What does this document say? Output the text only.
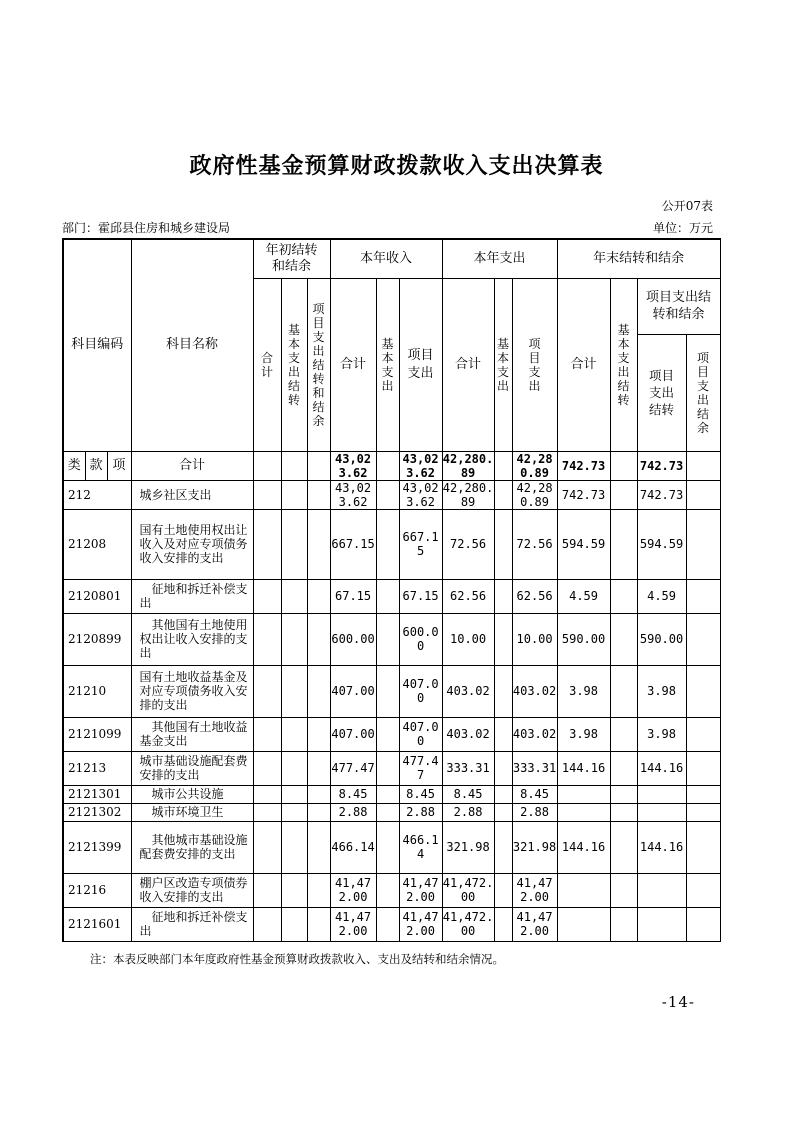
政府性基金预算财政拨款收入支出决算表
公开07表
部门：霍邱县住房和城乡建设局	单位：万元
科目编码			科目名称	年初结转和结余			本年收入			本年支出			年末结转和结余			

				合计	基本支出结转	项目支出结转和结余	合计	基本支出	项目支出	合计	基本支出	项目支出	合计	基本支出结转	项目支出结转和结余	

															项目支出结转	项目支出结余

类	款	项	合计				43,023.62		43,023.62	42,280.89		42,280.89	742.73		742.73	
212			城乡社区支出				43,023.62		43,023.62	42,280.89		42,280.89	742.73		742.73	
21208			国有土地使用权出让收入及对应专项债务收入安排的支出				667.15		667.15	72.56		72.56	594.59		594.59	
2120801			征地和拆迁补偿支出				67.15		67.15	62.56		62.56	4.59		4.59	
2120899			其他国有土地使用权出让收入安排的支出				600.00		600.00	10.00		10.00	590.00		590.00	
21210			国有土地收益基金及对应专项债务收入安排的支出				407.00		407.00	403.02		403.02	3.98		3.98	
2121099			其他国有土地收益基金支出				407.00		407.00	403.02		403.02	3.98		3.98	
21213			城市基础设施配套费安排的支出				477.47		477.47	333.31		333.31	144.16		144.16	
2121301			城市公共设施				8.45		8.45	8.45		8.45				
2121302			城市环境卫生				2.88		2.88	2.88		2.88				
2121399			其他城市基础设施配套费安排的支出				466.14		466.14	321.98		321.98	144.16		144.16	
21216			棚户区改造专项债券收入安排的支出				41,472.00		41,472.00	41,472.00		41,472.00				
2121601			征地和拆迁补偿支出				41,472.00		41,472.00	41,472.00		41,472.00				
注：本表反映部门本年度政府性基金预算财政拨款收入、支出及结转和结余情况。
-14-
